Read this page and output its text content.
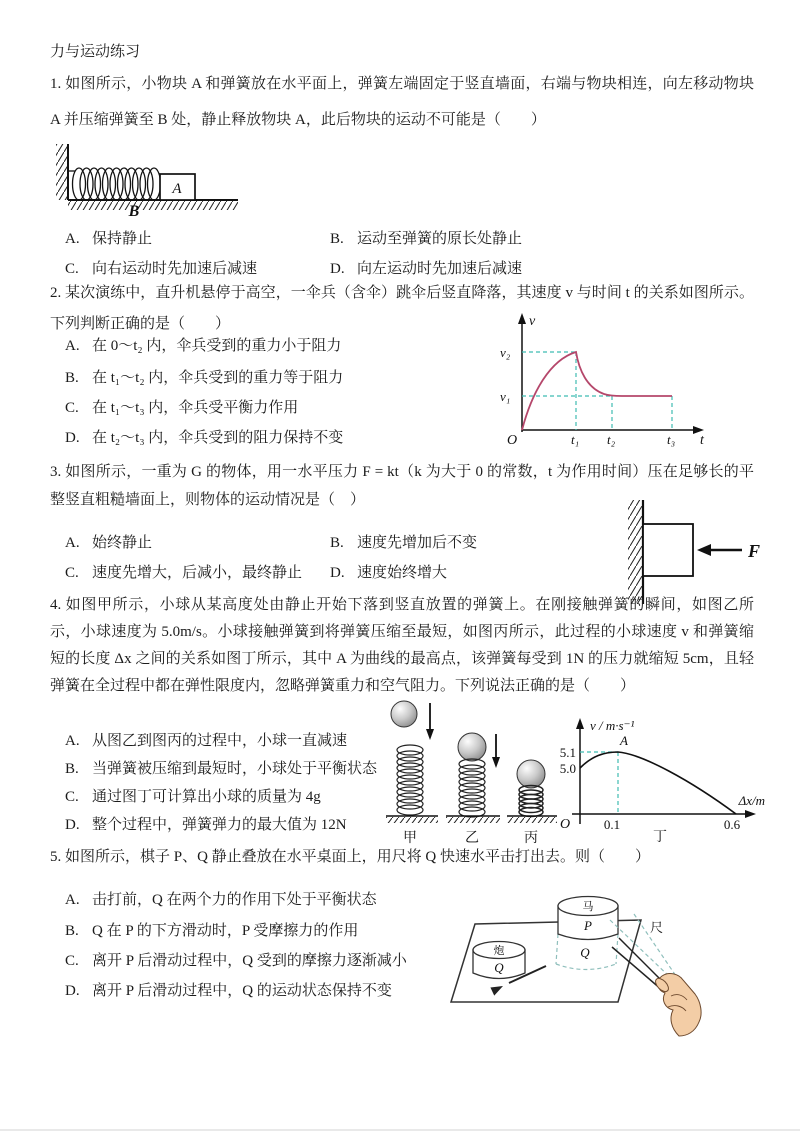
力与运动练习
1. 如图所示，小物块 A 和弹簧放在水平面上，弹簧左端固定于竖直墙面，右端与物块相连，向左移动物块 A 并压缩弹簧至 B 处，静止释放物块 A，此后物块的运动不可能是（　　）
A
B
A. 保持静止	B. 运动至弹簧的原长处静止
C. 向右运动时先加速后减速	D. 向左运动时先加速后减速
2. 某次演练中，直升机悬停于高空，一伞兵（含伞）跳伞后竖直降落，其速度 v 与时间 t 的关系如图所示。下列判断正确的是（　　）
A. 在 0～t₂ 内，伞兵受到的重力小于阻力
B. 在 t₁～t₂ 内，伞兵受到的重力等于阻力
C. 在 t₁～t₃ 内，伞兵受平衡力作用
D. 在 t₂～t₃ 内，伞兵受到的阻力保持不变
v
t
O
v₂
v₁
t₁ t₂	t₃
3. 如图所示，一重为 G 的物体，用一水平压力 F = kt（k 为大于 0 的常数，t 为作用时间）压在足够长的平整竖直粗糙墙面上，则物体的运动情况是（　）
A. 始终静止	B. 速度先增加后不变
C. 速度先增大，后减小，最终静止 D. 速度始终增大
F
4. 如图甲所示，小球从某高度处由静止开始下落到竖直放置的弹簧上。在刚接触弹簧的瞬间，如图乙所示，小球速度为 5.0m/s。小球接触弹簧到将弹簧压缩至最短，如图丙所示，此过程的小球速度 v 和弹簧缩短的长度 Δx 之间的关系如图丁所示，其中 A 为曲线的最高点，该弹簧每受到 1N 的压力就缩短 5cm，且轻弹簧在全过程中都在弹性限度内，忽略弹簧重力和空气阻力。下列说法正确的是（　　）
A. 从图乙到图丙的过程中，小球一直减速
B. 当弹簧被压缩到最短时，小球处于平衡状态
C. 通过图丁可计算出小球的质量为 4g
D. 整个过程中，弹簧弹力的最大值为 12N
甲	乙	丙
v / m·s⁻¹
5.1
5.0
A
O	0.1	0.6
Δx/m
丁
5. 如图所示，棋子 P、Q 静止叠放在水平桌面上，用尺将 Q 快速水平击打出去。则（　　）
A. 击打前，Q 在两个力的作用下处于平衡状态
B. Q 在 P 的下方滑动时，P 受摩擦力的作用
C. 离开 P 后滑动过程中，Q 受到的摩擦力逐渐减小
D. 离开 P 后滑动过程中，Q 的运动状态保持不变
Q
马
P
炮
Q
尺
